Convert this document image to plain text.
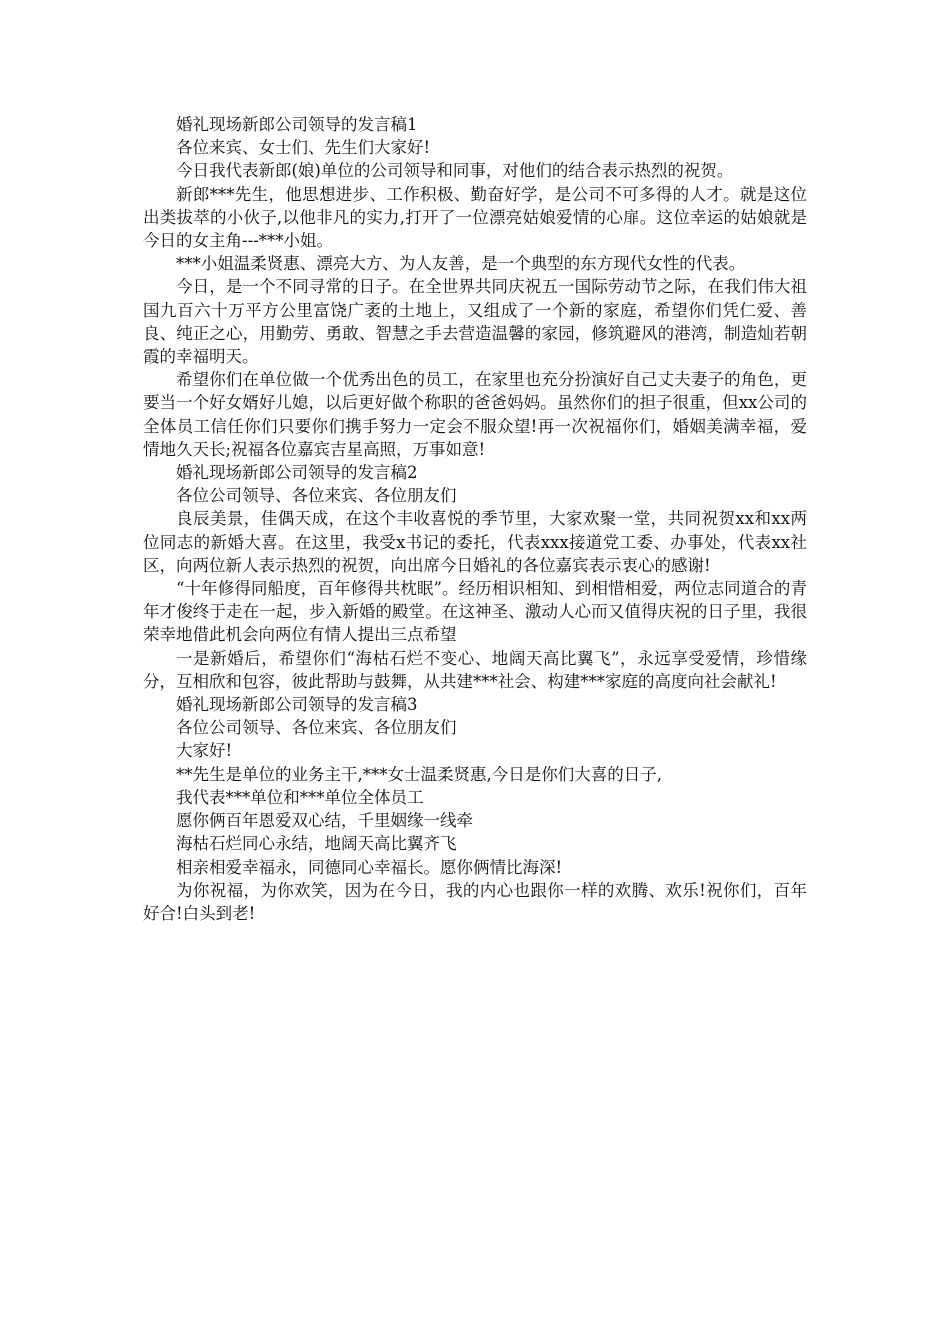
婚礼现场新郎公司领导的发言稿1

各位来宾、女士们、先生们大家好!

今日我代表新郎(娘)单位的公司领导和同事，对他们的结合表示热烈的祝贺。

新郎***先生，他思想进步、工作积极、勤奋好学，是公司不可多得的人才。就是这位出类拔萃的小伙子,以他非凡的实力,打开了一位漂亮姑娘爱情的心扉。这位幸运的姑娘就是今日的女主角---***小姐。

***小姐温柔贤惠、漂亮大方、为人友善，是一个典型的东方现代女性的代表。

今日，是一个不同寻常的日子。在全世界共同庆祝五一国际劳动节之际，在我们伟大祖国九百六十万平方公里富饶广袤的土地上，又组成了一个新的家庭，希望你们凭仁爱、善良、纯正之心，用勤劳、勇敢、智慧之手去营造温馨的家园，修筑避风的港湾，制造灿若朝霞的幸福明天。

希望你们在单位做一个优秀出色的员工，在家里也充分扮演好自己丈夫妻子的角色，更要当一个好女婿好儿媳，以后更好做个称职的爸爸妈妈。虽然你们的担子很重，但xx公司的全体员工信任你们只要你们携手努力一定会不服众望!再一次祝福你们，婚姻美满幸福，爱情地久天长;祝福各位嘉宾吉星高照，万事如意!

婚礼现场新郎公司领导的发言稿2

各位公司领导、各位来宾、各位朋友们

良辰美景，佳偶天成，在这个丰收喜悦的季节里，大家欢聚一堂，共同祝贺xx和xx两位同志的新婚大喜。在这里，我受x书记的委托，代表xxx接道党工委、办事处，代表xx社区，向两位新人表示热烈的祝贺，向出席今日婚礼的各位嘉宾表示衷心的感谢!

“十年修得同船度，百年修得共枕眠”。经历相识相知、到相惜相爱，两位志同道合的青年才俊终于走在一起，步入新婚的殿堂。在这神圣、激动人心而又值得庆祝的日子里，我很荣幸地借此机会向两位有情人提出三点希望

一是新婚后，希望你们“海枯石烂不变心、地阔天高比翼飞”，永远享受爱情，珍惜缘分，互相欣和包容，彼此帮助与鼓舞，从共建***社会、构建***家庭的高度向社会献礼!

婚礼现场新郎公司领导的发言稿3

各位公司领导、各位来宾、各位朋友们

大家好!

**先生是单位的业务主干,***女士温柔贤惠,今日是你们大喜的日子,

我代表***单位和***单位全体员工

愿你俩百年恩爱双心结，千里姻缘一线牵

海枯石烂同心永结，地阔天高比翼齐飞

相亲相爱幸福永，同德同心幸福长。愿你俩情比海深!

为你祝福，为你欢笑，因为在今日，我的内心也跟你一样的欢腾、欢乐!祝你们，百年好合!白头到老!
